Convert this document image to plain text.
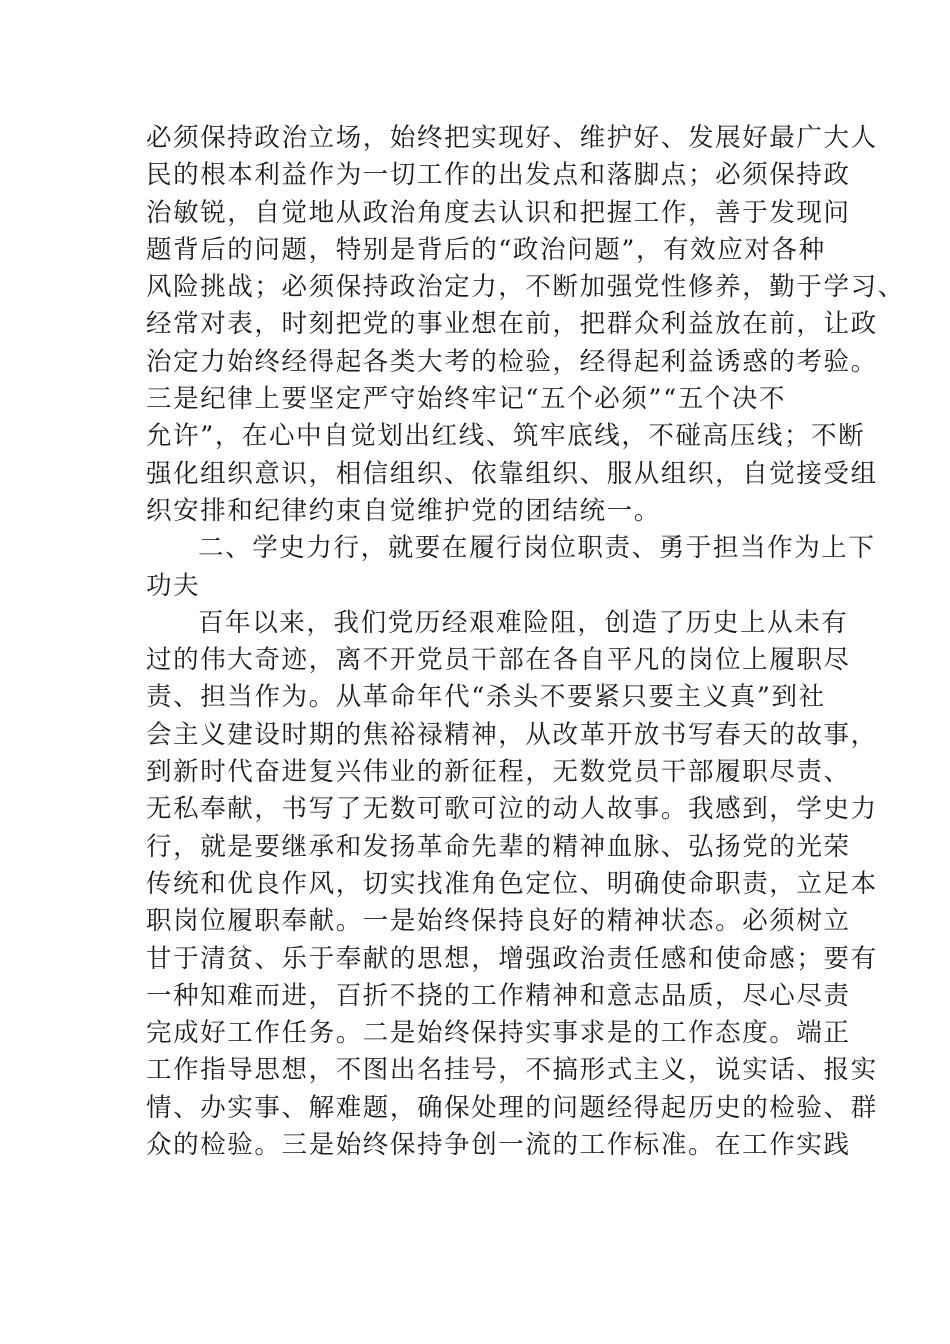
必须保持政治立场，始终把实现好、维护好、发展好最广大人
民的根本利益作为一切工作的出发点和落脚点；必须保持政
治敏锐，自觉地从政治角度去认识和把握工作，善于发现问
题背后的问题，特别是背后的“政治问题”，有效应对各种
风险挑战；必须保持政治定力，不断加强党性修养，勤于学习、
经常对表，时刻把党的事业想在前，把群众利益放在前，让政
治定力始终经得起各类大考的检验，经得起利益诱惑的考验。
三是纪律上要坚定严守始终牢记“五个必须”“五个决不
允许”，在心中自觉划出红线、筑牢底线，不碰高压线；不断
强化组织意识，相信组织、依靠组织、服从组织，自觉接受组
织安排和纪律约束自觉维护党的团结统一。
二、学史力行，就要在履行岗位职责、勇于担当作为上下
功夫
百年以来，我们党历经艰难险阻，创造了历史上从未有
过的伟大奇迹，离不开党员干部在各自平凡的岗位上履职尽
责、担当作为。从革命年代“杀头不要紧只要主义真”到社
会主义建设时期的焦裕禄精神，从改革开放书写春天的故事，
到新时代奋进复兴伟业的新征程，无数党员干部履职尽责、
无私奉献，书写了无数可歌可泣的动人故事。我感到，学史力
行，就是要继承和发扬革命先辈的精神血脉、弘扬党的光荣
传统和优良作风，切实找准角色定位、明确使命职责，立足本
职岗位履职奉献。一是始终保持良好的精神状态。必须树立
甘于清贫、乐于奉献的思想，增强政治责任感和使命感；要有
一种知难而进，百折不挠的工作精神和意志品质，尽心尽责
完成好工作任务。二是始终保持实事求是的工作态度。端正
工作指导思想，不图出名挂号，不搞形式主义，说实话、报实
情、办实事、解难题，确保处理的问题经得起历史的检验、群
众的检验。三是始终保持争创一流的工作标准。在工作实践
